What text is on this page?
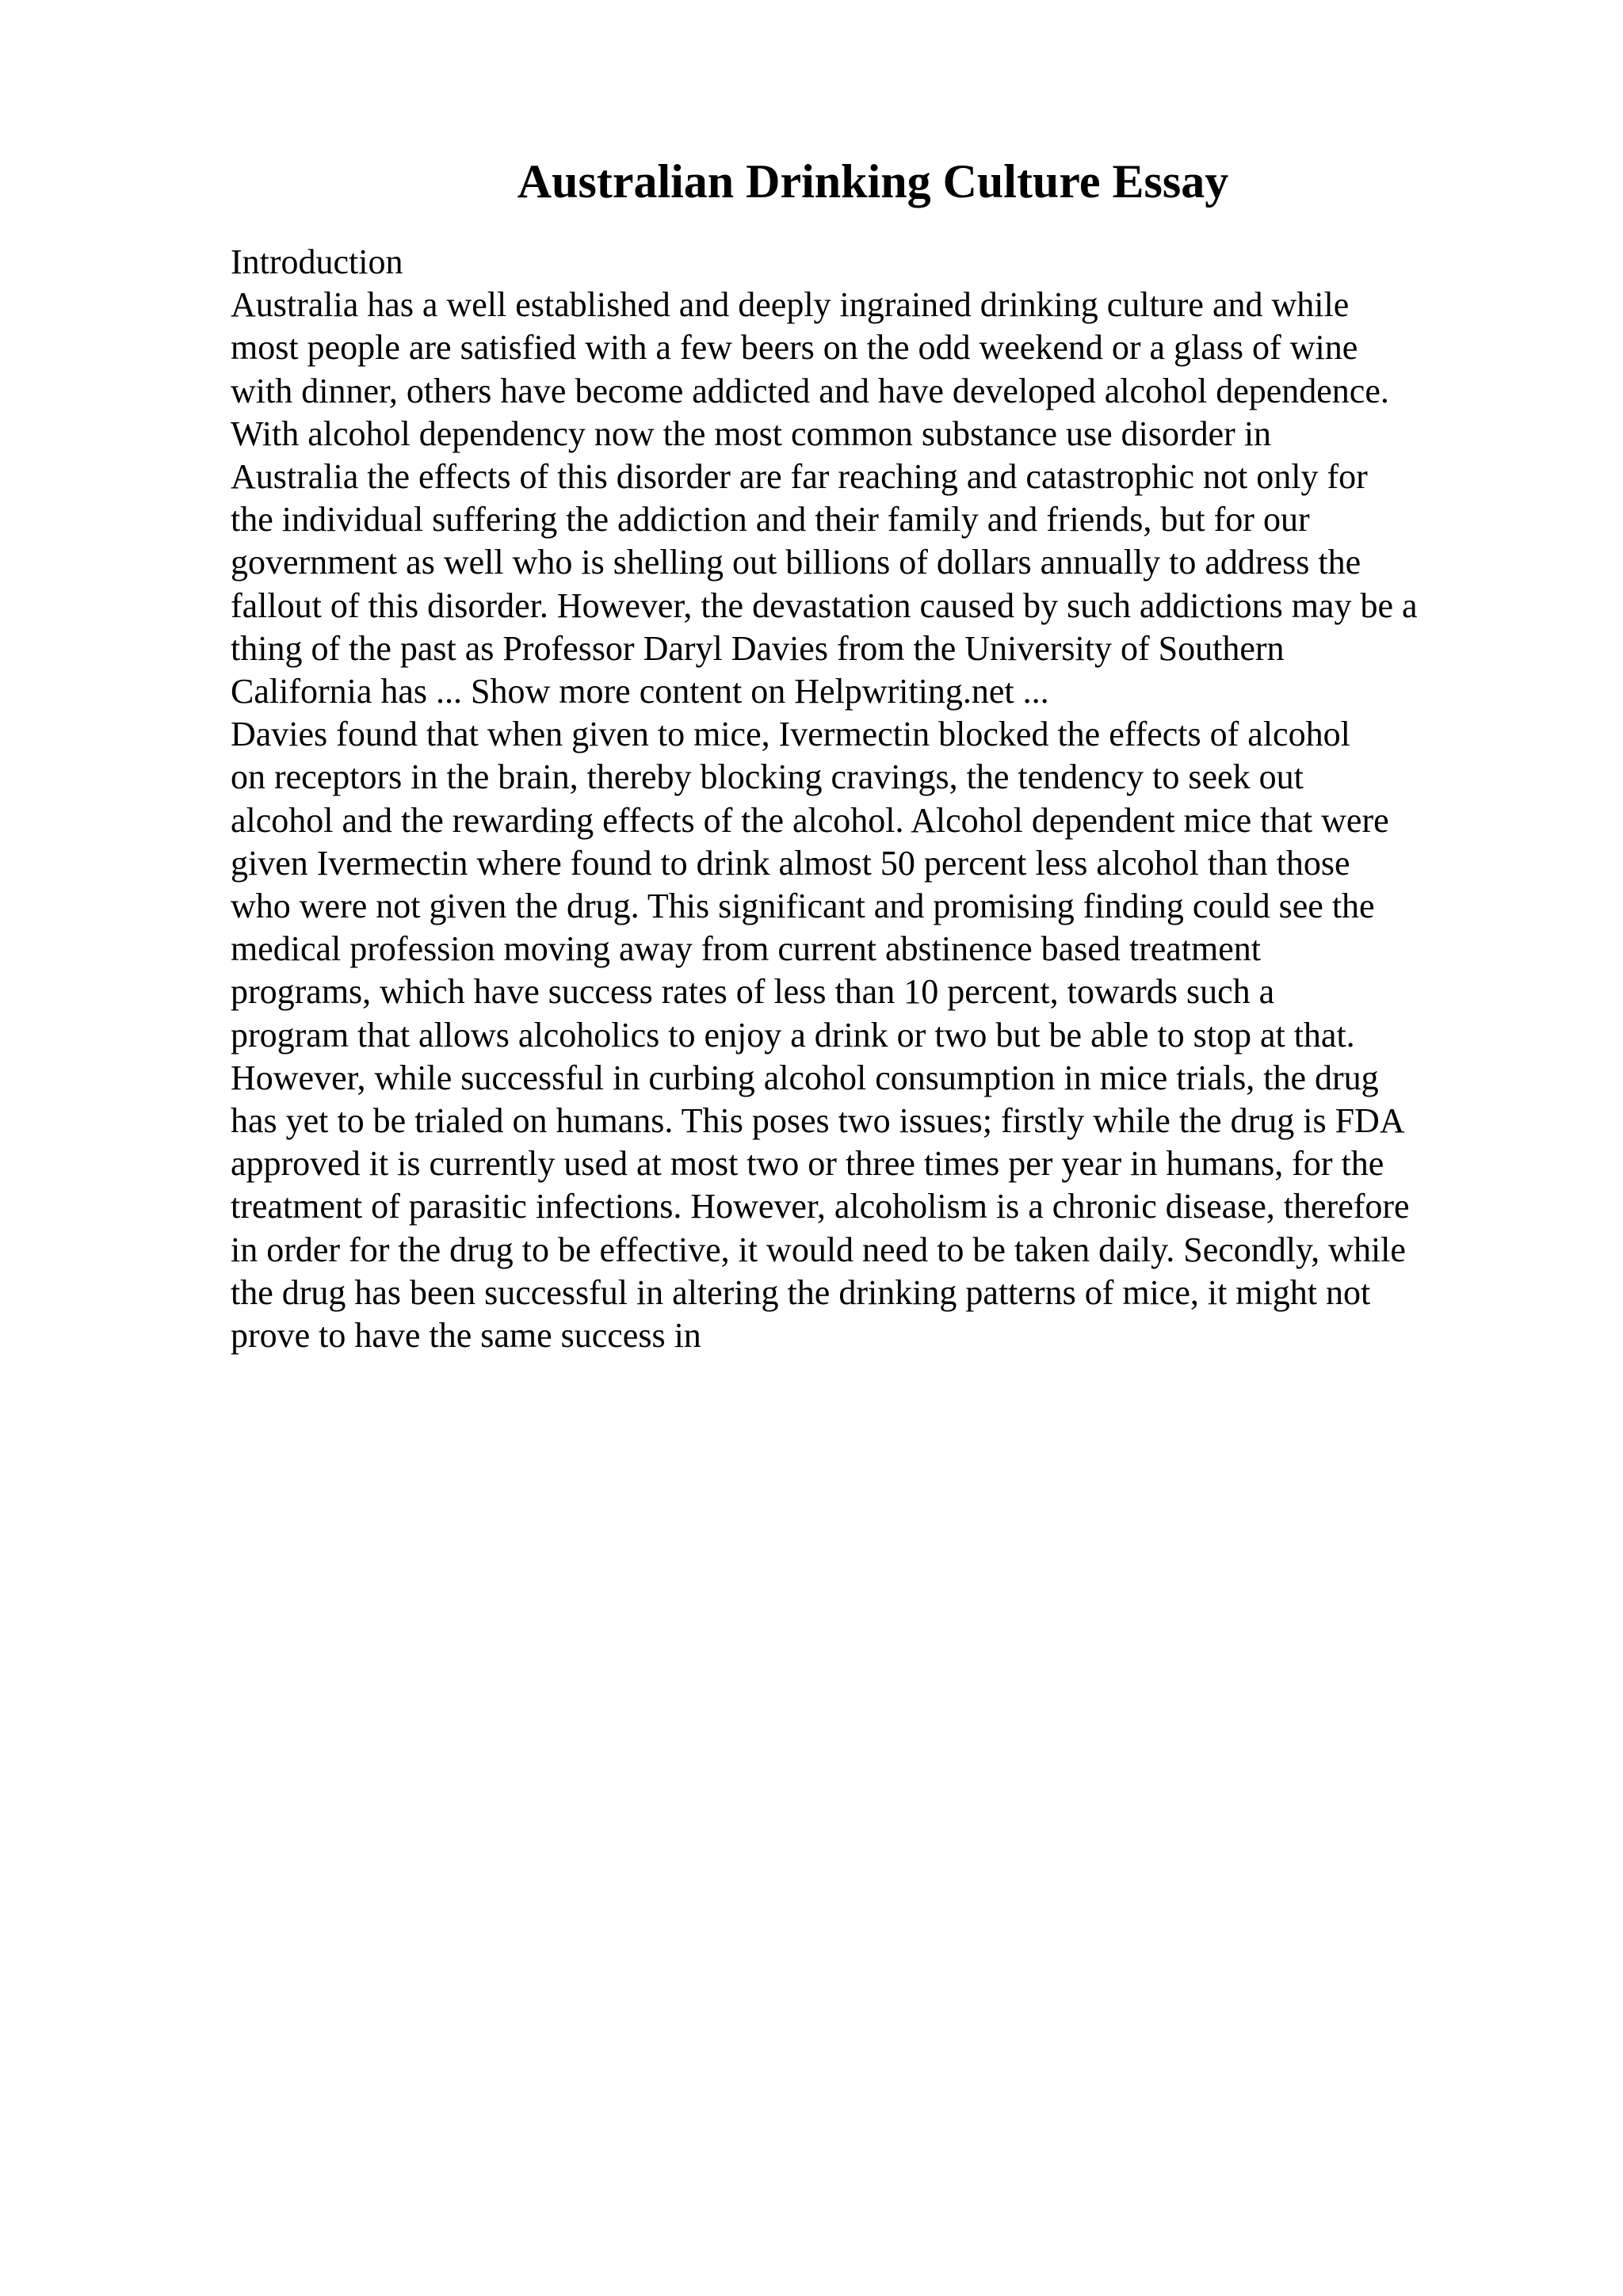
Australian Drinking Culture Essay
Introduction
Australia has a well established and deeply ingrained drinking culture and while
most people are satisfied with a few beers on the odd weekend or a glass of wine
with dinner, others have become addicted and have developed alcohol dependence.
With alcohol dependency now the most common substance use disorder in
Australia the effects of this disorder are far reaching and catastrophic not only for
the individual suffering the addiction and their family and friends, but for our
government as well who is shelling out billions of dollars annually to address the
fallout of this disorder. However, the devastation caused by such addictions may be a
thing of the past as Professor Daryl Davies from the University of Southern
California has ... Show more content on Helpwriting.net ...
Davies found that when given to mice, Ivermectin blocked the effects of alcohol
on receptors in the brain, thereby blocking cravings, the tendency to seek out
alcohol and the rewarding effects of the alcohol. Alcohol dependent mice that were
given Ivermectin where found to drink almost 50 percent less alcohol than those
who were not given the drug. This significant and promising finding could see the
medical profession moving away from current abstinence based treatment
programs, which have success rates of less than 10 percent, towards such a
program that allows alcoholics to enjoy a drink or two but be able to stop at that.
However, while successful in curbing alcohol consumption in mice trials, the drug
has yet to be trialed on humans. This poses two issues; firstly while the drug is FDA
approved it is currently used at most two or three times per year in humans, for the
treatment of parasitic infections. However, alcoholism is a chronic disease, therefore
in order for the drug to be effective, it would need to be taken daily. Secondly, while
the drug has been successful in altering the drinking patterns of mice, it might not
prove to have the same success in
